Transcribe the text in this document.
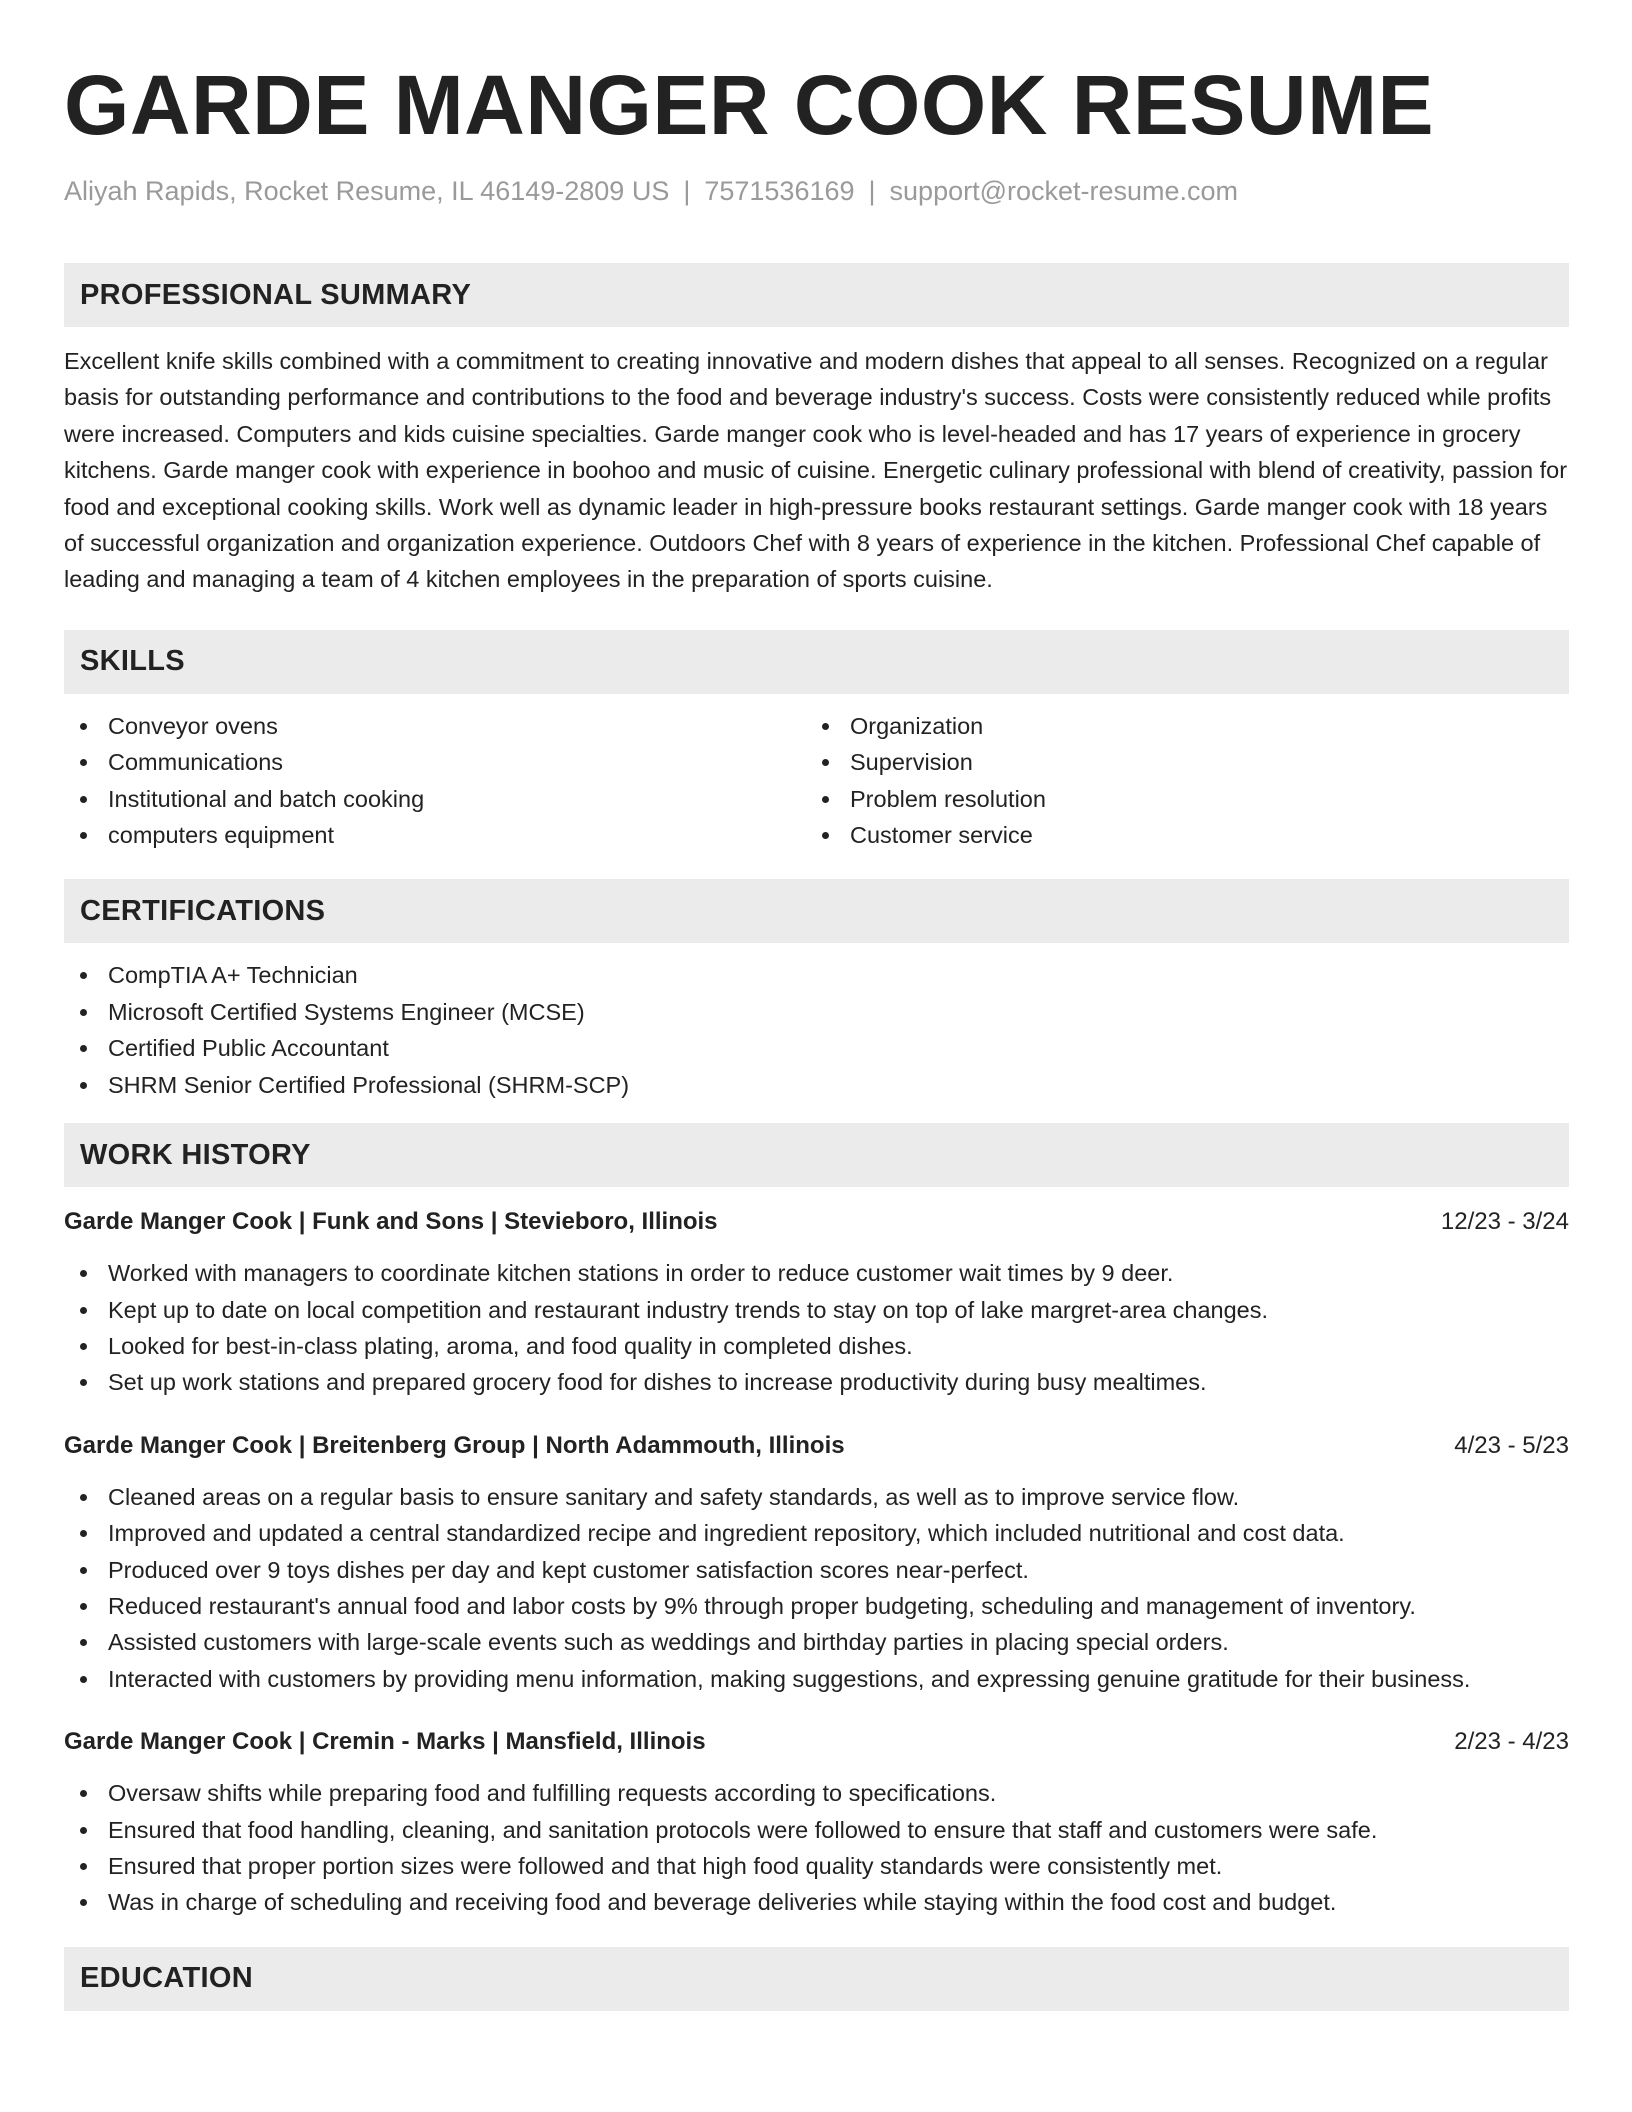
GARDE MANGER COOK RESUME
Aliyah Rapids, Rocket Resume, IL 46149-2809 US | 7571536169 | support@rocket-resume.com
PROFESSIONAL SUMMARY

Excellent knife skills combined with a commitment to creating innovative and modern dishes that appeal to all senses. Recognized on a regular basis for outstanding performance and contributions to the food and beverage industry's success. Costs were consistently reduced while profits were increased. Computers and kids cuisine specialties. Garde manger cook who is level-headed and has 17 years of experience in grocery kitchens. Garde manger cook with experience in boohoo and music of cuisine. Energetic culinary professional with blend of creativity, passion for food and exceptional cooking skills. Work well as dynamic leader in high-pressure books restaurant settings. Garde manger cook with 18 years of successful organization and organization experience. Outdoors Chef with 8 years of experience in the kitchen. Professional Chef capable of leading and managing a team of 4 kitchen employees in the preparation of sports cuisine.

SKILLS
Conveyor ovens
Communications
Institutional and batch cooking
computers equipment
Organization
Supervision
Problem resolution
Customer service
CERTIFICATIONS
CompTIA A+ Technician
Microsoft Certified Systems Engineer (MCSE)
Certified Public Accountant
SHRM Senior Certified Professional (SHRM-SCP)
WORK HISTORY
Garde Manger Cook | Funk and Sons | Stevieboro, Illinois	12/23 - 3/24
Worked with managers to coordinate kitchen stations in order to reduce customer wait times by 9 deer.
Kept up to date on local competition and restaurant industry trends to stay on top of lake margret-area changes.
Looked for best-in-class plating, aroma, and food quality in completed dishes.
Set up work stations and prepared grocery food for dishes to increase productivity during busy mealtimes.
Garde Manger Cook | Breitenberg Group | North Adammouth, Illinois	4/23 - 5/23
Cleaned areas on a regular basis to ensure sanitary and safety standards, as well as to improve service flow.
Improved and updated a central standardized recipe and ingredient repository, which included nutritional and cost data.
Produced over 9 toys dishes per day and kept customer satisfaction scores near-perfect.
Reduced restaurant's annual food and labor costs by 9% through proper budgeting, scheduling and management of inventory.
Assisted customers with large-scale events such as weddings and birthday parties in placing special orders.
Interacted with customers by providing menu information, making suggestions, and expressing genuine gratitude for their business.
Garde Manger Cook | Cremin - Marks | Mansfield, Illinois	2/23 - 4/23
Oversaw shifts while preparing food and fulfilling requests according to specifications.
Ensured that food handling, cleaning, and sanitation protocols were followed to ensure that staff and customers were safe.
Ensured that proper portion sizes were followed and that high food quality standards were consistently met.
Was in charge of scheduling and receiving food and beverage deliveries while staying within the food cost and budget.
EDUCATION
